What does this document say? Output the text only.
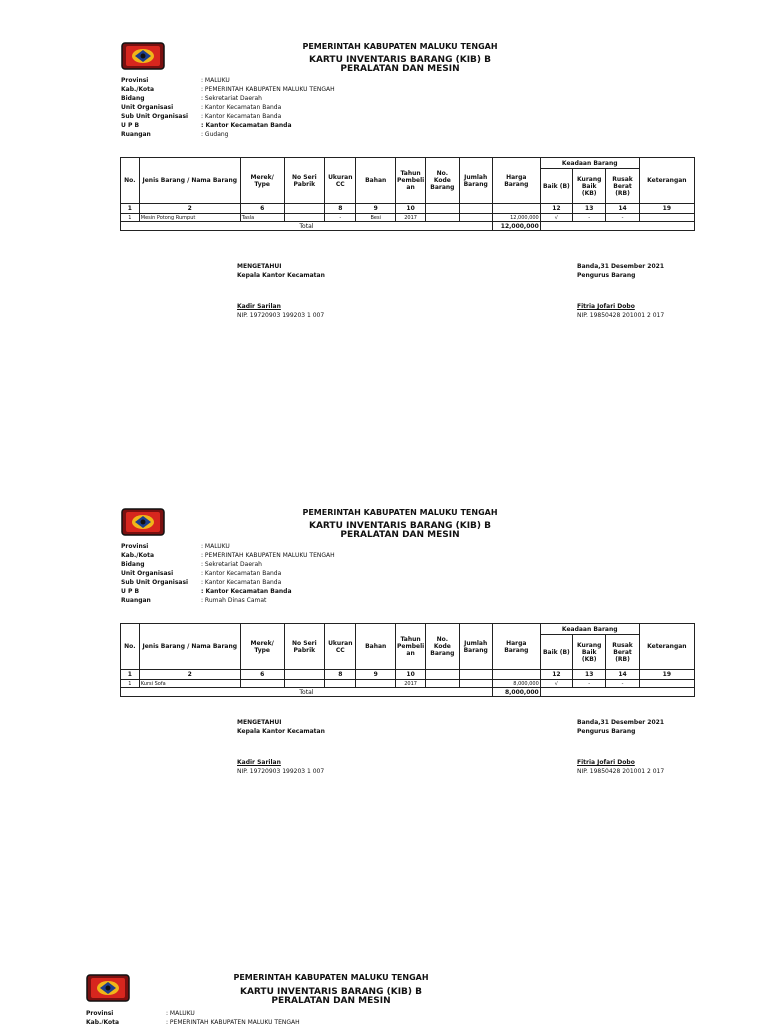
PEMERINTAH KABUPATEN MALUKU TENGAH
KARTU INVENTARIS BARANG (KIB) B
PERALATAN DAN MESIN
Provinsi	: MALUKU
Kab./Kota	: PEMERINTAH KABUPATEN MALUKU TENGAH
Bidang	: Sekretariat Daerah
Unit Organisasi	: Kantor Kecamatan Banda
Sub Unit Organisasi	: Kantor Kecamatan Banda
U P B	: Kantor Kecamatan Banda
Ruangan	: Gudang
No.	Jenis Barang / Nama Barang	Merek/ Type	No Seri Pabrik	Ukuran CC	Bahan	Tahun Pembeli an	No. Kode Barang	Jumlah Barang	Harga Barang	Keadaan Barang			Keterangan
										Baik (B)	Kurang Baik (KB)	Rusak Berat (RB)	
1	2	6		8	9	10				12	13	14	19
1	Mesin Potong Rumput	Tasla		-	Besi	2017			12,000,000	√	-	-	
Total									12,000,000				
MENGETAHUI
Kepala Kantor Kecamatan
Kadir Sarilan
NIP. 19720903 199203 1 007
Banda,31 Desember 2021
Pengurus Barang
Fitria Jofari Dobo
NIP. 19850428 201001 2 017
PEMERINTAH KABUPATEN MALUKU TENGAH
KARTU INVENTARIS BARANG (KIB) B
PERALATAN DAN MESIN
Provinsi	: MALUKU
Kab./Kota	: PEMERINTAH KABUPATEN MALUKU TENGAH
Bidang	: Sekretariat Daerah
Unit Organisasi	: Kantor Kecamatan Banda
Sub Unit Organisasi	: Kantor Kecamatan Banda
U P B	: Kantor Kecamatan Banda
Ruangan	: Rumah Dinas Camat
No.	Jenis Barang / Nama Barang	Merek/ Type	No Seri Pabrik	Ukuran CC	Bahan	Tahun Pembeli an	No. Kode Barang	Jumlah Barang	Harga Barang	Keadaan Barang			Keterangan
										Baik (B)	Kurang Baik (KB)	Rusak Berat (RB)	
1	2	6		8	9	10				12	13	14	19
1	Kursi Sofa					2017			8,000,000	√	-	-	
Total									8,000,000				
MENGETAHUI
Kepala Kantor Kecamatan
Kadir Sarilan
NIP. 19720903 199203 1 007
Banda,31 Desember 2021
Pengurus Barang
Fitria Jofari Dobo
NIP. 19850428 201001 2 017
PEMERINTAH KABUPATEN MALUKU TENGAH
KARTU INVENTARIS BARANG (KIB) B
PERALATAN DAN MESIN
Provinsi	: MALUKU
Kab./Kota	: PEMERINTAH KABUPATEN MALUKU TENGAH
